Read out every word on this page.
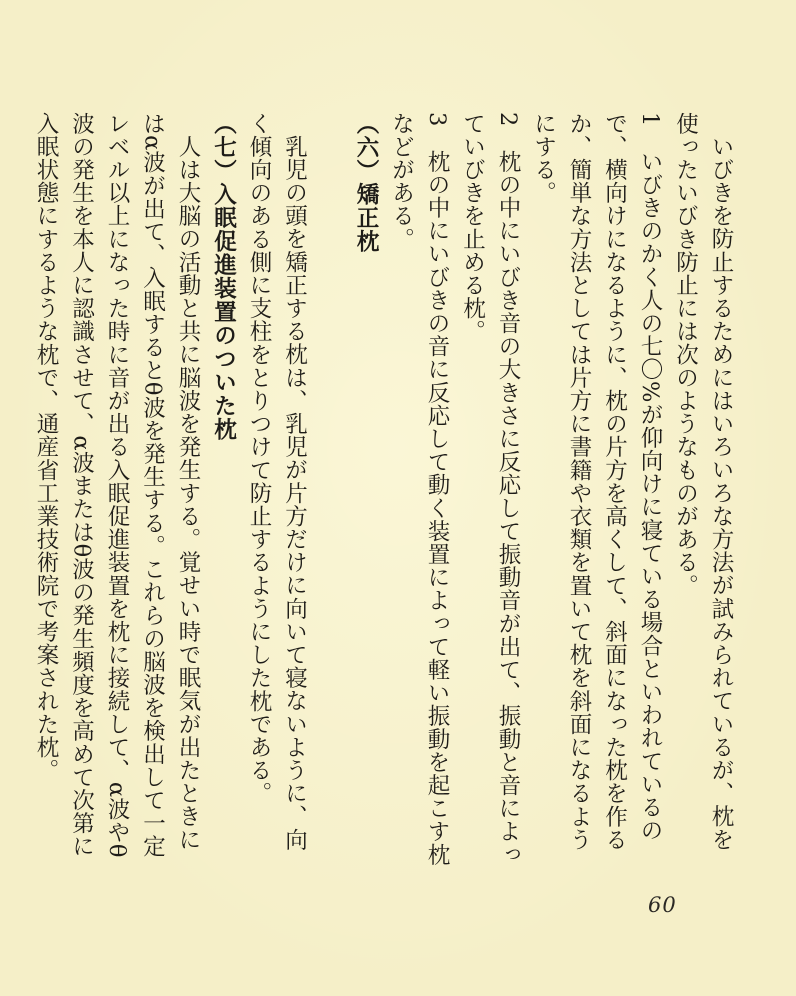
いびきを防止するためにはいろいろな方法が試みられているが、枕を使ったいびき防止には次のようなものがある。

1　いびきのかく人の七〇%が仰向けに寝ている場合といわれているので、横向けになるように、枕の片方を高くして、斜面になった枕を作るか、簡単な方法としては片方に書籍や衣類を置いて枕を斜面になるようにする。

2　枕の中にいびき音の大きさに反応して振動音が出て、振動と音によっていびきを止める枕。

3　枕の中にいびきの音に反応して動く装置によって軽い振動を起こす枕などがある。

（六）矯正枕

乳児の頭を矯正する枕は、乳児が片方だけに向いて寝ないように、向く傾向のある側に支柱をとりつけて防止するようにした枕である。

（七）入眠促進装置のついた枕

人は大脳の活動と共に脳波を発生する。覚せい時で眠気が出たときにはα波が出て、入眠するとθ波を発生する。これらの脳波を検出して一定レベル以上になった時に音が出る入眠促進装置を枕に接続して、α波やθ波の発生を本人に認識させて、α波またはθ波の発生頻度を高めて次第に入眠状態にするような枕で、通産省工業技術院で考案された枕。

60
